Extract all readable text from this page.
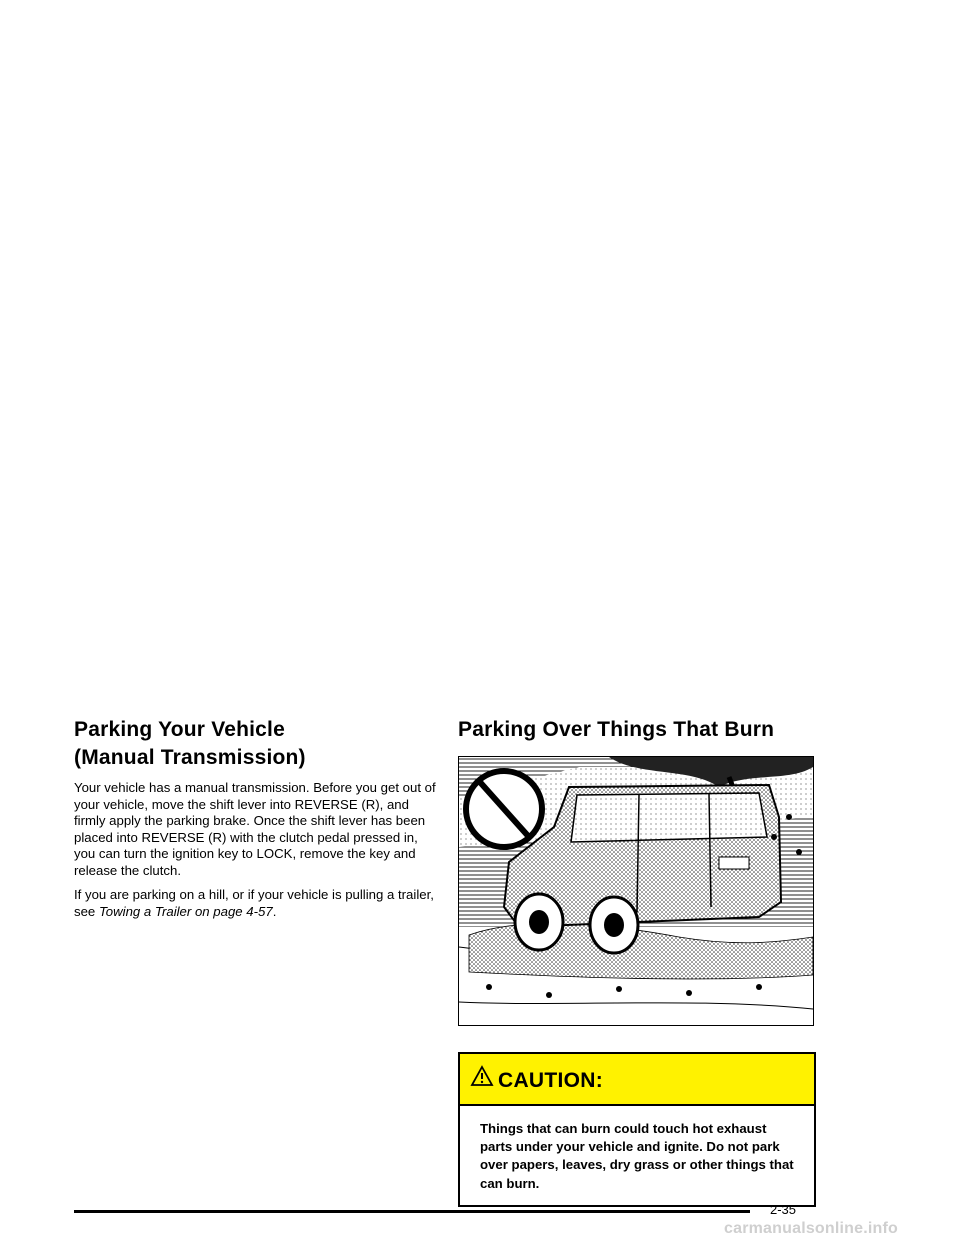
Parking Your Vehicle
(Manual Transmission)

Your vehicle has a manual transmission. Before you get out of your vehicle, move the shift lever into REVERSE (R), and firmly apply the parking brake. Once the shift lever has been placed into REVERSE (R) with the clutch pedal pressed in, you can turn the ignition key to LOCK, remove the key and release the clutch.

If you are parking on a hill, or if your vehicle is pulling a trailer, see Towing a Trailer on page 4-57.

Parking Over Things That Burn
CAUTION:
Things that can burn could touch hot exhaust parts under your vehicle and ignite. Do not park over papers, leaves, dry grass or other things that can burn.
2-35
carmanualsonline.info
